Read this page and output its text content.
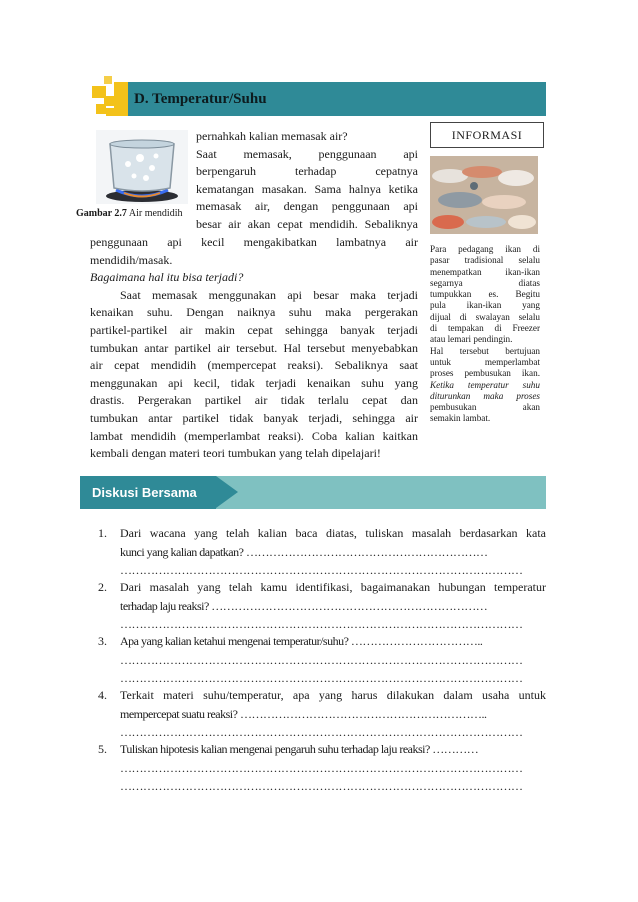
D. Temperatur/Suhu
Gambar 2.7 Air mendidih
pernahkah kalian memasak air?
Saat memasak, penggunaan api
berpengaruh terhadap cepatnya
kematangan masakan. Sama halnya ketika
memasak air, dengan penggunaan api
besar air akan cepat mendidih. Sebaliknya
penggunaan api kecil mengakibatkan lambatnya air
mendidih/masak.
Bagaimana hal itu bisa terjadi?
Saat memasak menggunakan api besar maka terjadi
kenaikan suhu. Dengan naiknya suhu maka pergerakan
partikel-partikel air makin cepat sehingga banyak terjadi
tumbukan antar partikel air tersebut. Hal tersebut menyebabkan
air cepat mendidih (mempercepat reaksi). Sebaliknya saat
menggunakan api kecil, tidak terjadi kenaikan suhu yang
drastis. Pergerakan partikel air tidak terlalu cepat dan
tumbukan antar partikel tidak banyak terjadi, sehingga air
lambat mendidih (memperlambat reaksi). Coba kalian kaitkan
kembali dengan materi teori tumbukan yang telah dipelajari!
INFORMASI
Para pedagang ikan di
pasar tradisional selalu
menempatkan ikan-ikan
segarnya diatas
tumpukkan es. Begitu
pula ikan-ikan yang
dijual di swalayan selalu
di tempakan di Freezer
atau lemari pendingin.
Hal tersebut bertujuan
untuk memperlambat
proses pembusukan ikan.
Ketika temperatur suhu
diturunkan maka proses
pembusukan akan
semakin lambat.
Diskusi Bersama
1.	Dari wacana yang telah kalian baca diatas, tuliskan masalah berdasarkan kata
kunci yang kalian dapatkan? ………………………………………………………
……………………………………………………………………………………………
2.	Dari masalah yang telah kamu identifikasi, bagaimanakan hubungan temperatur
terhadap laju reaksi? ………………………………………………………………
……………………………………………………………………………………………
3.	Apa yang kalian ketahui mengenai temperatur/suhu? ……………………………..
……………………………………………………………………………………………
……………………………………………………………………………………………
4.	Terkait materi suhu/temperatur, apa yang harus dilakukan dalam usaha untuk
mempercepat suatu reaksi? ………………………………………………………..
……………………………………………………………………………………………
5.	Tuliskan hipotesis kalian mengenai pengaruh suhu terhadap laju reaksi? …………
……………………………………………………………………………………………
……………………………………………………………………………………………
